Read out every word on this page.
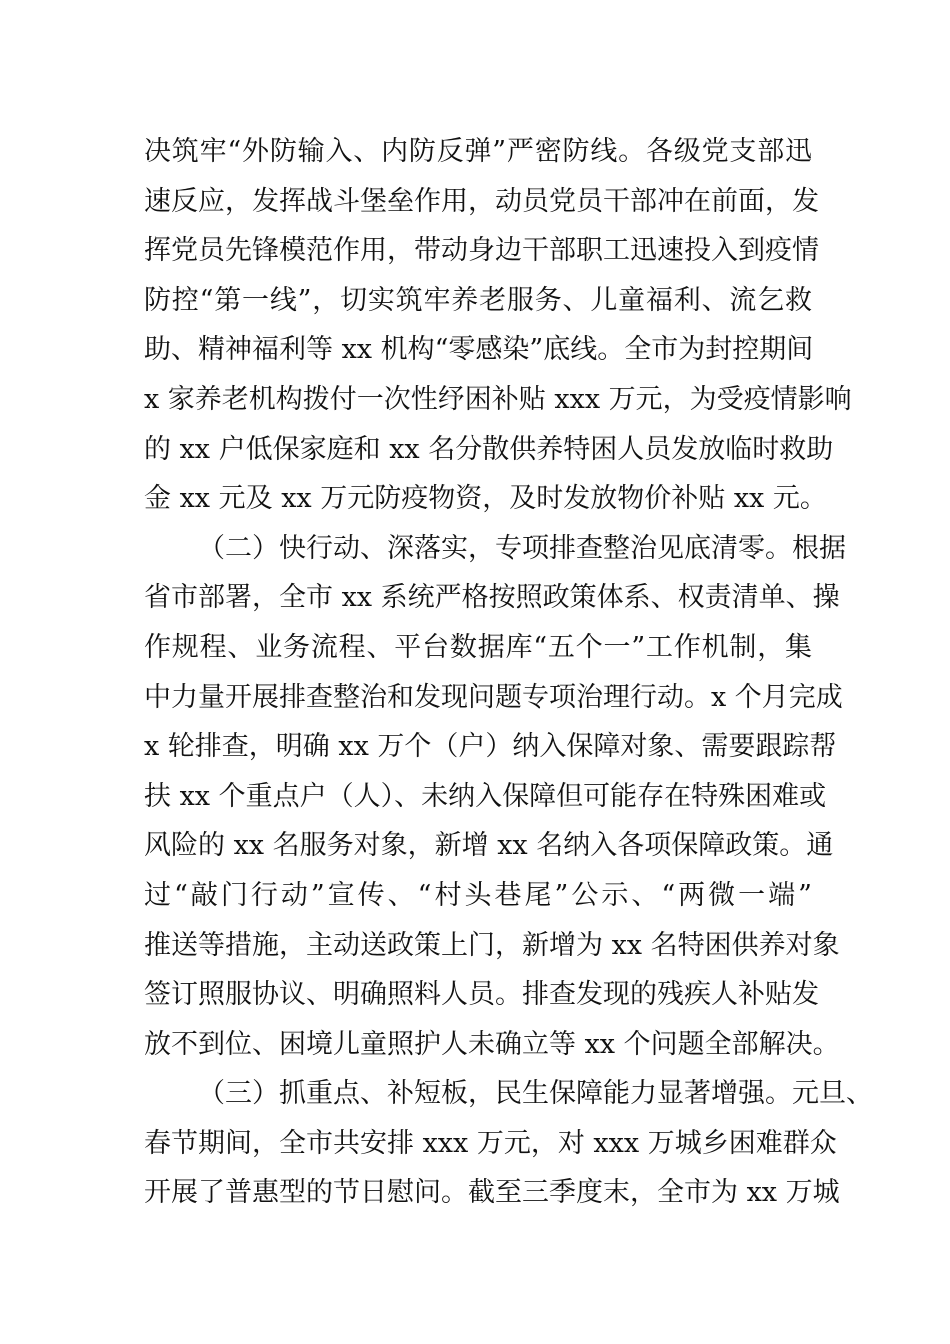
决筑牢“外防输入、内防反弹”严密防线。各级党支部迅
速反应，发挥战斗堡垒作用，动员党员干部冲在前面，发
挥党员先锋模范作用，带动身边干部职工迅速投入到疫情
防控“第一线”，切实筑牢养老服务、儿童福利、流乞救
助、精神福利等 xx 机构“零感染”底线。全市为封控期间
x 家养老机构拨付一次性纾困补贴 xxx 万元，为受疫情影响
的 xx 户低保家庭和 xx 名分散供养特困人员发放临时救助
金 xx 元及 xx 万元防疫物资，及时发放物价补贴 xx 元。
（二）快行动、深落实，专项排查整治见底清零。根据
省市部署，全市 xx 系统严格按照政策体系、权责清单、操
作规程、业务流程、平台数据库“五个一”工作机制，集
中力量开展排查整治和发现问题专项治理行动。x 个月完成
x 轮排查，明确 xx 万个（户）纳入保障对象、需要跟踪帮
扶 xx 个重点户（人）、未纳入保障但可能存在特殊困难或
风险的 xx 名服务对象，新增 xx 名纳入各项保障政策。通
过“敲门行动”宣传、“村头巷尾”公示、“两微一端”
推送等措施，主动送政策上门，新增为 xx 名特困供养对象
签订照服协议、明确照料人员。排查发现的残疾人补贴发
放不到位、困境儿童照护人未确立等 xx 个问题全部解决。
（三）抓重点、补短板，民生保障能力显著增强。元旦、
春节期间，全市共安排 xxx 万元，对 xxx 万城乡困难群众
开展了普惠型的节日慰问。截至三季度末，全市为 xx 万城
